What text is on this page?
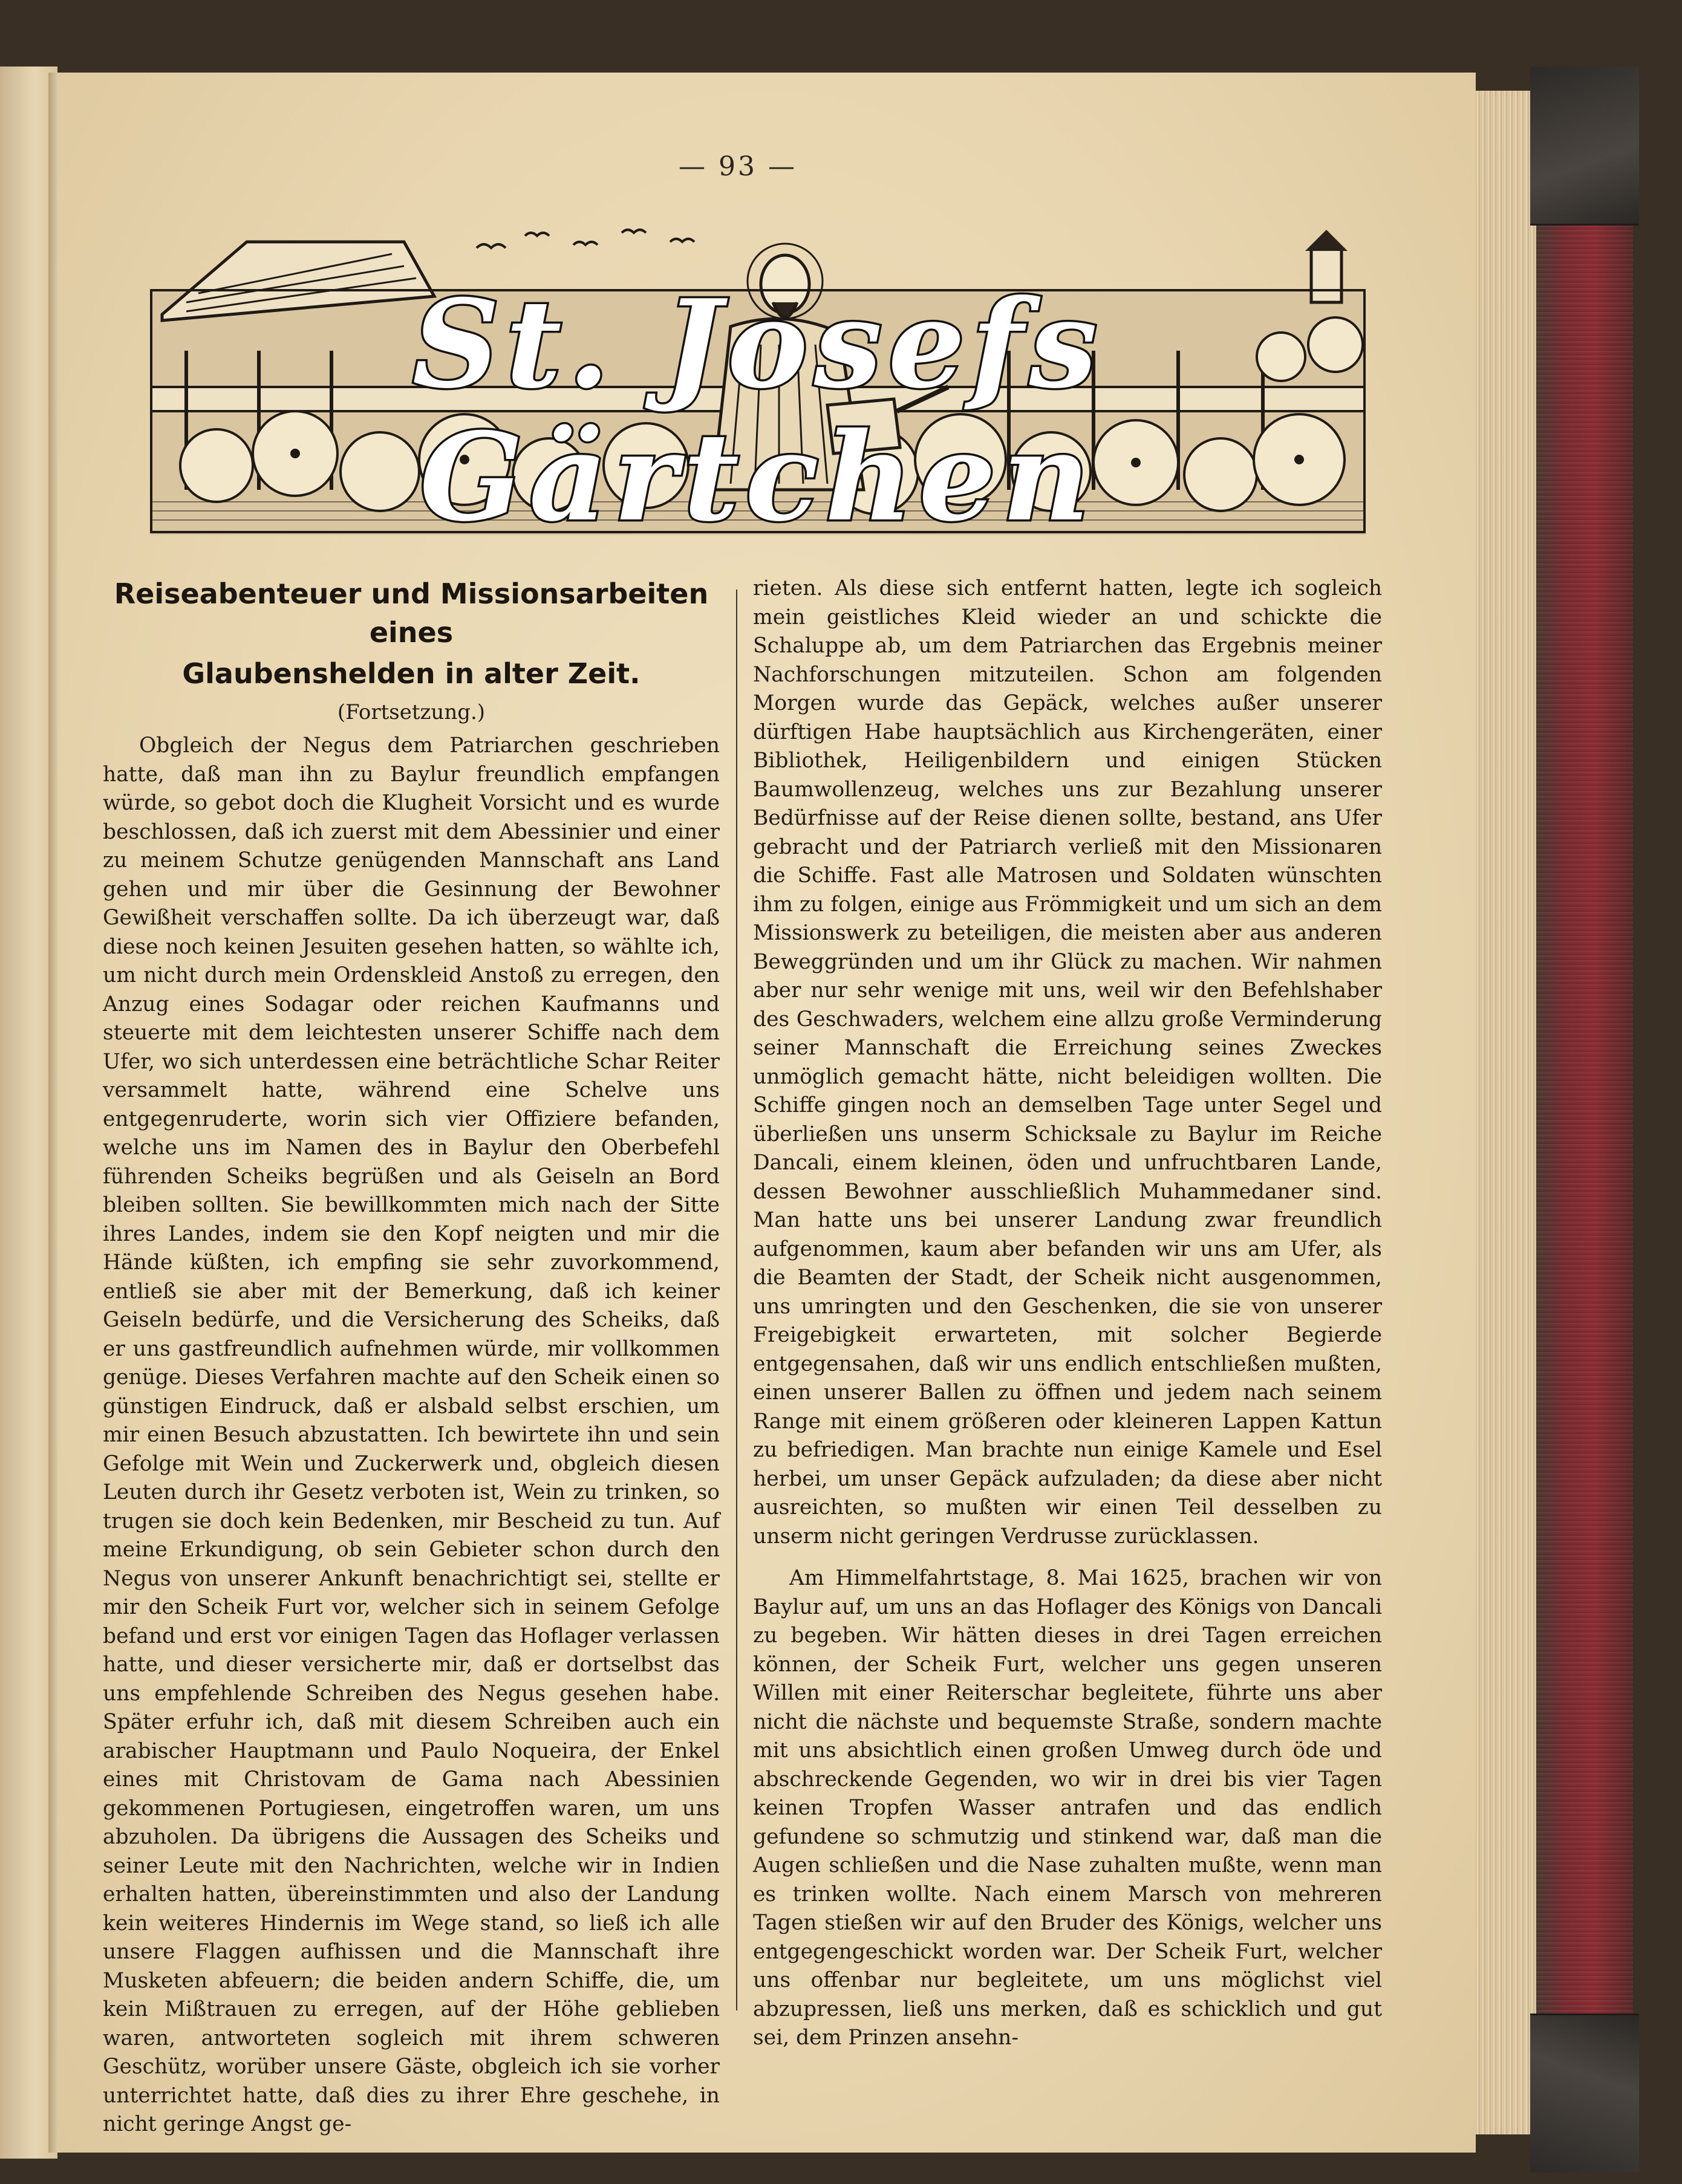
— 93 —
St. Josefs Gärtchen
Reiseabenteuer und Missionsarbeiten eines
Glaubenshelden in alter Zeit.
(Fortsetzung.)

Obgleich der Negus dem Patriarchen geschrieben hatte, daß man ihn zu Baylur freundlich empfangen würde, so gebot doch die Klugheit Vorsicht und es wurde beschlossen, daß ich zuerst mit dem Abessinier und einer zu meinem Schutze genügenden Mannschaft ans Land gehen und mir über die Gesinnung der Bewohner Gewißheit verschaffen sollte. Da ich überzeugt war, daß diese noch keinen Jesuiten gesehen hatten, so wählte ich, um nicht durch mein Ordenskleid Anstoß zu erregen, den Anzug eines Sodagar oder reichen Kaufmanns und steuerte mit dem leichtesten unserer Schiffe nach dem Ufer, wo sich unterdessen eine beträchtliche Schar Reiter versammelt hatte, während eine Schelve uns entgegenruderte, worin sich vier Offiziere befanden, welche uns im Namen des in Baylur den Oberbefehl führenden Scheiks begrüßen und als Geiseln an Bord bleiben sollten. Sie bewillkommten mich nach der Sitte ihres Landes, indem sie den Kopf neigten und mir die Hände küßten, ich empfing sie sehr zuvorkommend, entließ sie aber mit der Bemerkung, daß ich keiner Geiseln bedürfe, und die Versicherung des Scheiks, daß er uns gastfreundlich aufnehmen würde, mir vollkommen genüge. Dieses Verfahren machte auf den Scheik einen so günstigen Eindruck, daß er alsbald selbst erschien, um mir einen Besuch abzustatten. Ich bewirtete ihn und sein Gefolge mit Wein und Zuckerwerk und, obgleich diesen Leuten durch ihr Gesetz verboten ist, Wein zu trinken, so trugen sie doch kein Bedenken, mir Bescheid zu tun. Auf meine Erkundigung, ob sein Gebieter schon durch den Negus von unserer Ankunft benachrichtigt sei, stellte er mir den Scheik Furt vor, welcher sich in seinem Gefolge befand und erst vor einigen Tagen das Hoflager verlassen hatte, und dieser versicherte mir, daß er dortselbst das uns empfehlende Schreiben des Negus gesehen habe. Später erfuhr ich, daß mit diesem Schreiben auch ein arabischer Hauptmann und Paulo Noqueira, der Enkel eines mit Christovam de Gama nach Abessinien gekommenen Portugiesen, eingetroffen waren, um uns abzuholen. Da übrigens die Aussagen des Scheiks und seiner Leute mit den Nachrichten, welche wir in Indien erhalten hatten, übereinstimmten und also der Landung kein weiteres Hindernis im Wege stand, so ließ ich alle unsere Flaggen aufhissen und die Mannschaft ihre Musketen abfeuern; die beiden andern Schiffe, die, um kein Mißtrauen zu erregen, auf der Höhe geblieben waren, antworteten sogleich mit ihrem schweren Geschütz, worüber unsere Gäste, obgleich ich sie vorher unterrichtet hatte, daß dies zu ihrer Ehre geschehe, in nicht geringe Angst ge-

rieten. Als diese sich entfernt hatten, legte ich sogleich mein geistliches Kleid wieder an und schickte die Schaluppe ab, um dem Patriarchen das Ergebnis meiner Nachforschungen mitzuteilen. Schon am folgenden Morgen wurde das Gepäck, welches außer unserer dürftigen Habe hauptsächlich aus Kirchengeräten, einer Bibliothek, Heiligenbildern und einigen Stücken Baumwollenzeug, welches uns zur Bezahlung unserer Bedürfnisse auf der Reise dienen sollte, bestand, ans Ufer gebracht und der Patriarch verließ mit den Missionaren die Schiffe. Fast alle Matrosen und Soldaten wünschten ihm zu folgen, einige aus Frömmigkeit und um sich an dem Missionswerk zu beteiligen, die meisten aber aus anderen Beweggründen und um ihr Glück zu machen. Wir nahmen aber nur sehr wenige mit uns, weil wir den Befehlshaber des Geschwaders, welchem eine allzu große Verminderung seiner Mannschaft die Erreichung seines Zweckes unmöglich gemacht hätte, nicht beleidigen wollten. Die Schiffe gingen noch an demselben Tage unter Segel und überließen uns unserm Schicksale zu Baylur im Reiche Dancali, einem kleinen, öden und unfruchtbaren Lande, dessen Bewohner ausschließlich Muhammedaner sind. Man hatte uns bei unserer Landung zwar freundlich aufgenommen, kaum aber befanden wir uns am Ufer, als die Beamten der Stadt, der Scheik nicht ausgenommen, uns umringten und den Geschenken, die sie von unserer Freigebigkeit erwarteten, mit solcher Begierde entgegensahen, daß wir uns endlich entschließen mußten, einen unserer Ballen zu öffnen und jedem nach seinem Range mit einem größeren oder kleineren Lappen Kattun zu befriedigen. Man brachte nun einige Kamele und Esel herbei, um unser Gepäck aufzuladen; da diese aber nicht ausreichten, so mußten wir einen Teil desselben zu unserm nicht geringen Verdrusse zurücklassen.

Am Himmelfahrtstage, 8. Mai 1625, brachen wir von Baylur auf, um uns an das Hoflager des Königs von Dancali zu begeben. Wir hätten dieses in drei Tagen erreichen können, der Scheik Furt, welcher uns gegen unseren Willen mit einer Reiterschar begleitete, führte uns aber nicht die nächste und bequemste Straße, sondern machte mit uns absichtlich einen großen Umweg durch öde und abschreckende Gegenden, wo wir in drei bis vier Tagen keinen Tropfen Wasser antrafen und das endlich gefundene so schmutzig und stinkend war, daß man die Augen schließen und die Nase zuhalten mußte, wenn man es trinken wollte. Nach einem Marsch von mehreren Tagen stießen wir auf den Bruder des Königs, welcher uns entgegengeschickt worden war. Der Scheik Furt, welcher uns offenbar nur begleitete, um uns möglichst viel abzupressen, ließ uns merken, daß es schicklich und gut sei, dem Prinzen ansehn-
